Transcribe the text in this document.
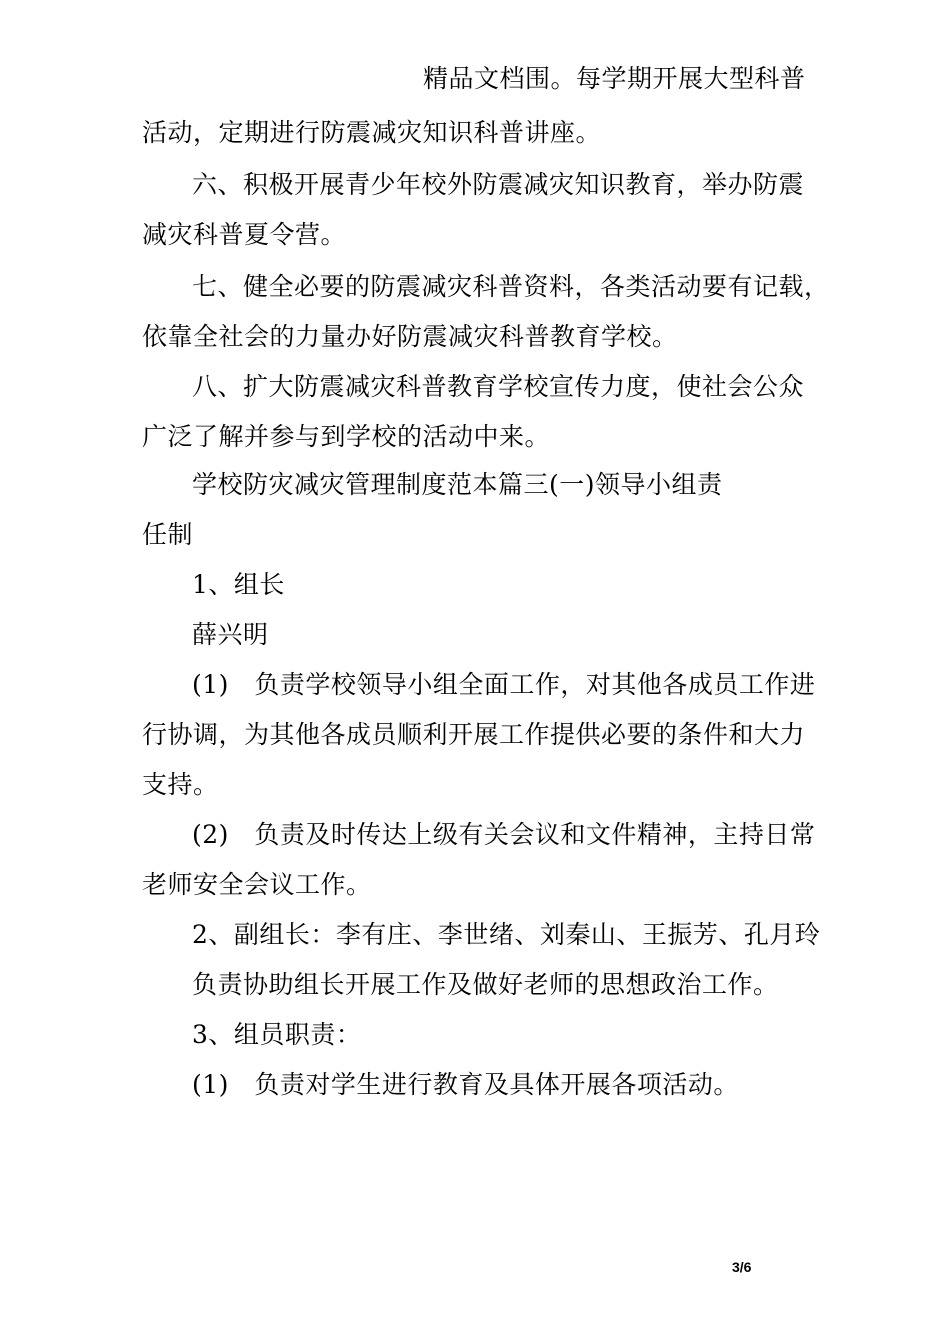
精品文档围。每学期开展大型科普
活动，定期进行防震减灾知识科普讲座。
六、积极开展青少年校外防震减灾知识教育，举办防震
减灾科普夏令营。
七、健全必要的防震减灾科普资料，各类活动要有记载，
依靠全社会的力量办好防震减灾科普教育学校。
八、扩大防震减灾科普教育学校宣传力度，使社会公众
广泛了解并参与到学校的活动中来。
学校防灾减灾管理制度范本篇三(一)领导小组责
任制
1、组长
薛兴明
(1)　负责学校领导小组全面工作，对其他各成员工作进
行协调，为其他各成员顺利开展工作提供必要的条件和大力
支持。
(2)　负责及时传达上级有关会议和文件精神，主持日常
老师安全会议工作。
2、副组长：李有庄、李世绪、刘秦山、王振芳、孔月玲
负责协助组长开展工作及做好老师的思想政治工作。
3、组员职责：
(1)　负责对学生进行教育及具体开展各项活动。
3/6
